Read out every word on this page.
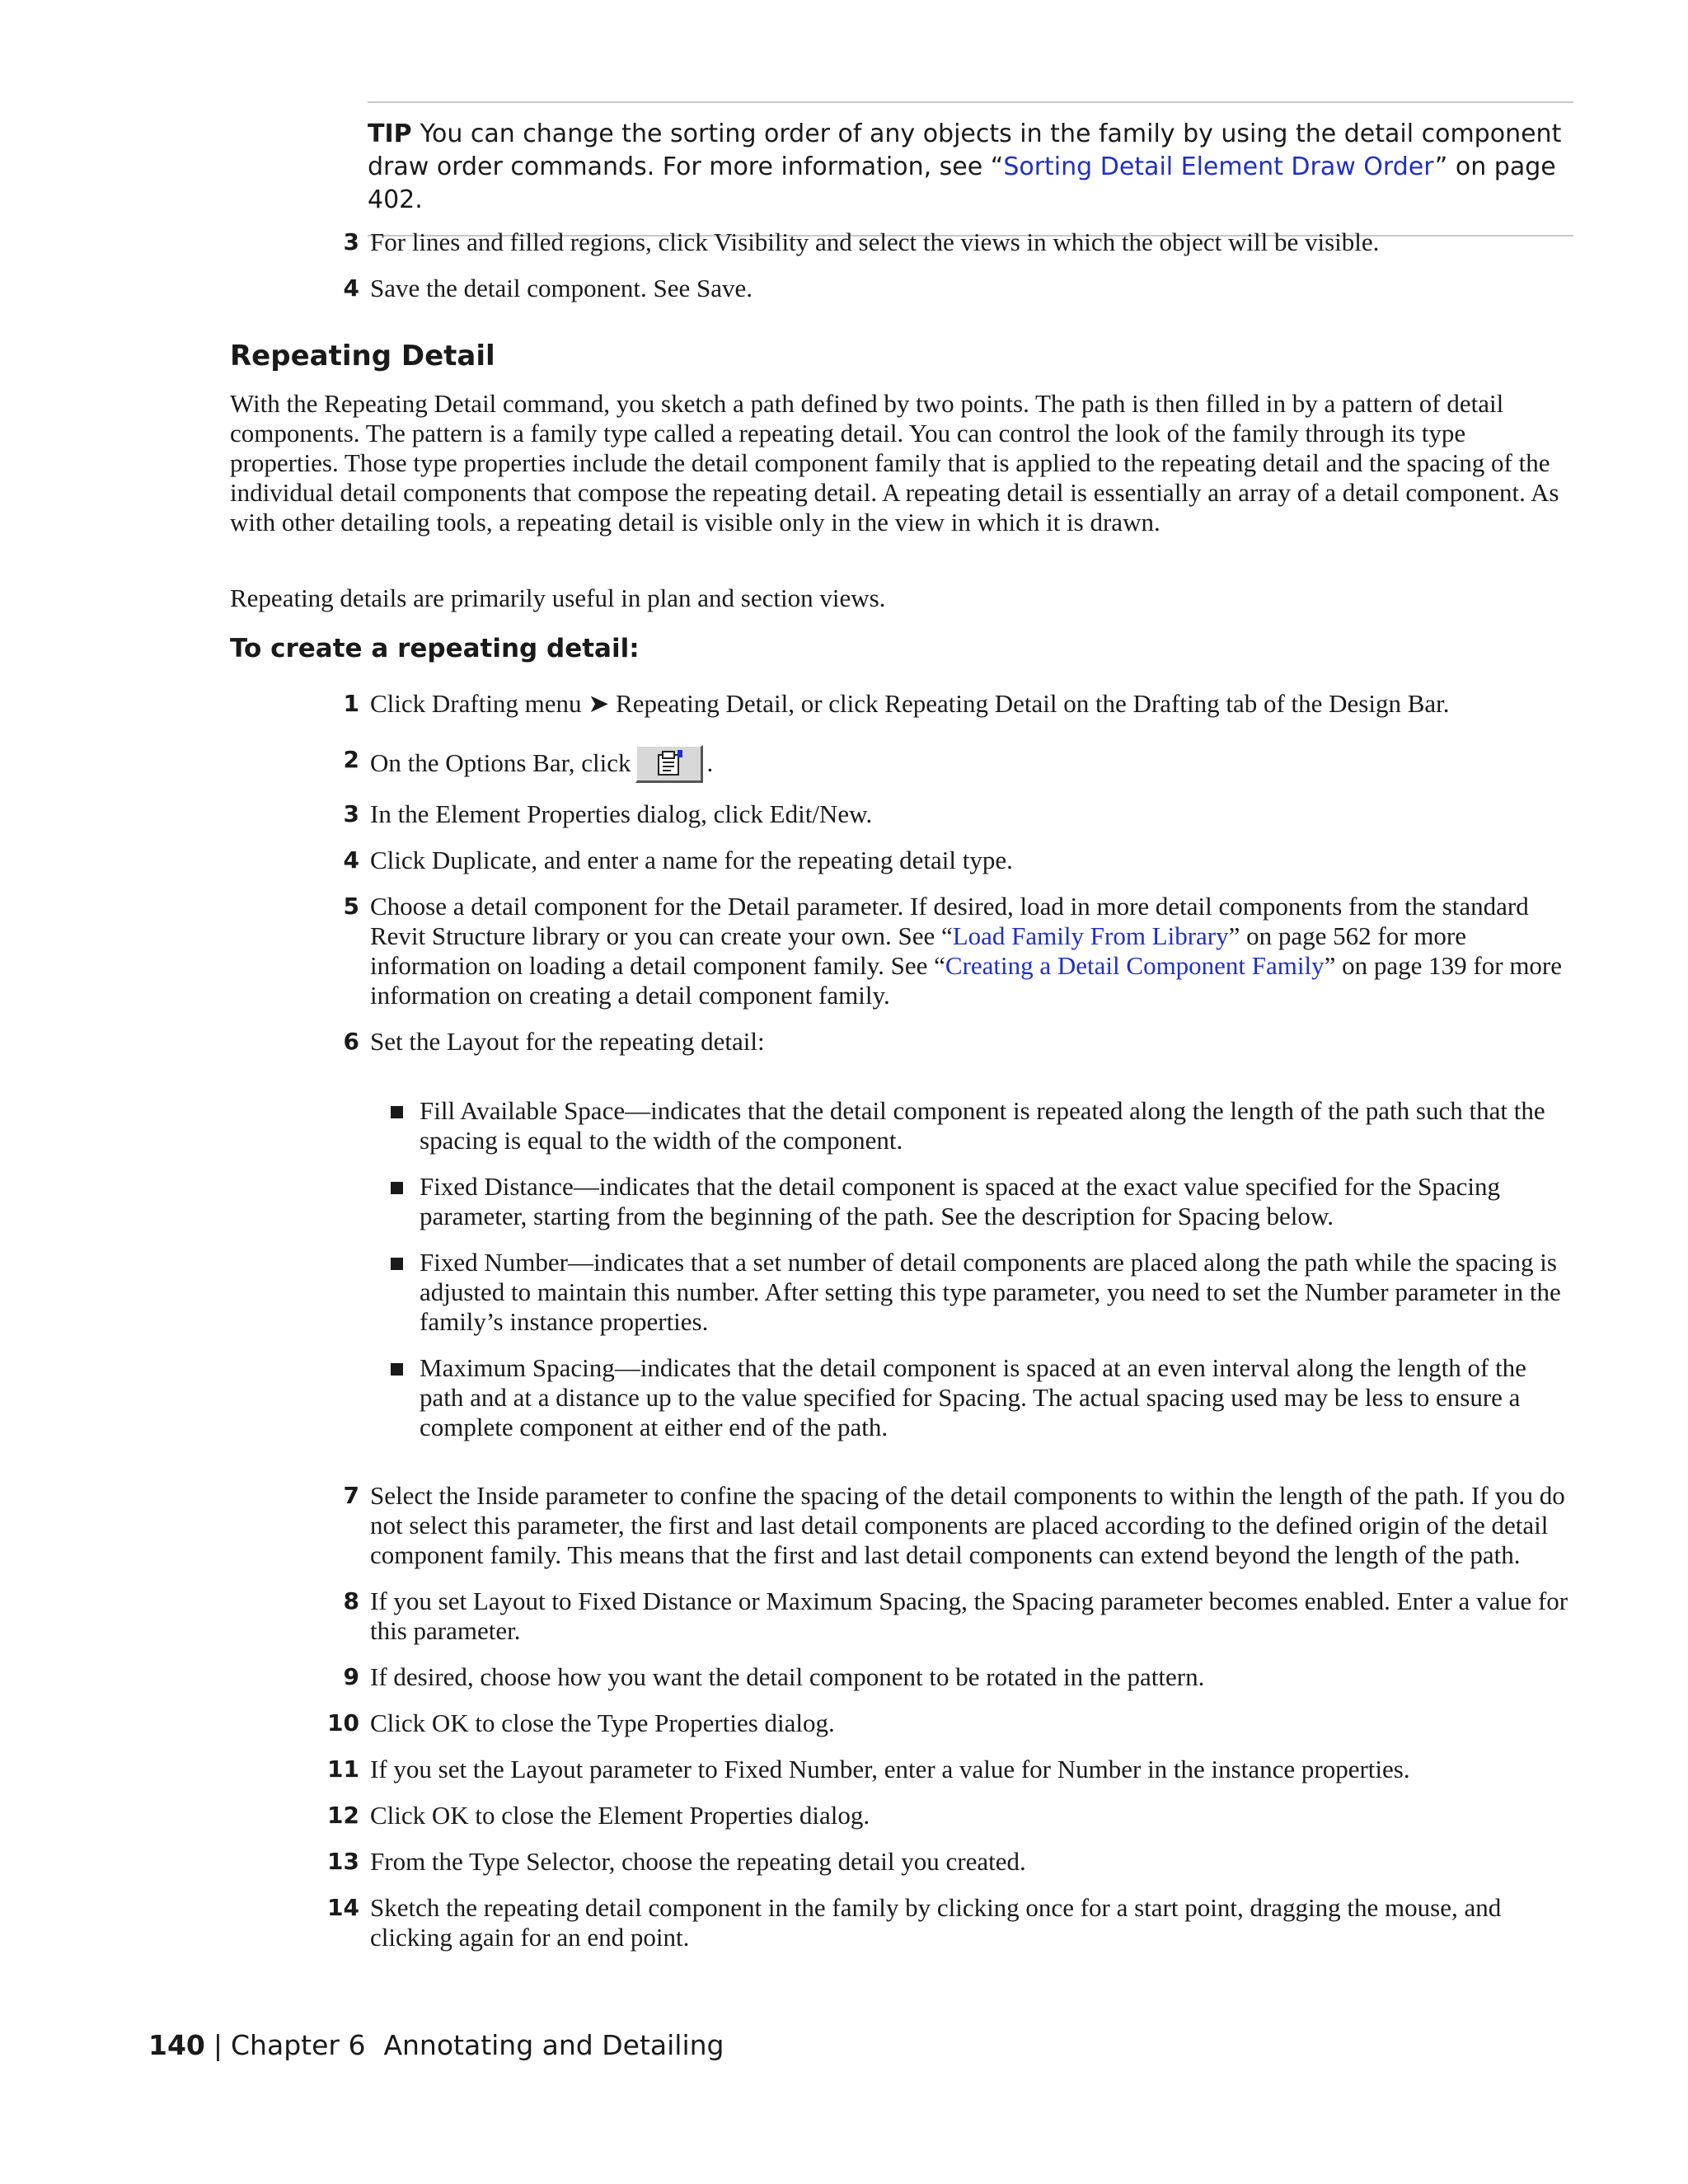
TIP You can change the sorting order of any objects in the family by using the detail component draw order commands. For more information, see “Sorting Detail Element Draw Order” on page 402.
3 For lines and filled regions, click Visibility and select the views in which the object will be visible.
4 Save the detail component. See Save.
Repeating Detail

With the Repeating Detail command, you sketch a path defined by two points. The path is then filled in by a pattern of detail components. The pattern is a family type called a repeating detail. You can control the look of the family through its type properties. Those type properties include the detail component family that is applied to the repeating detail and the spacing of the individual detail components that compose the repeating detail. A repeating detail is essentially an array of a detail component. As with other detailing tools, a repeating detail is visible only in the view in which it is drawn.

Repeating details are primarily useful in plan and section views.

To create a repeating detail:
1 Click Drafting menu ➤ Repeating Detail, or click Repeating Detail on the Drafting tab of the Design Bar.
2 On the Options Bar, click	.
3 In the Element Properties dialog, click Edit/New.
4 Click Duplicate, and enter a name for the repeating detail type.
5 Choose a detail component for the Detail parameter. If desired, load in more detail components from the standard Revit Structure library or you can create your own. See “Load Family From Library” on page 562 for more information on loading a detail component family. See “Creating a Detail Component Family” on page 139 for more information on creating a detail component family.
6 Set the Layout for the repeating detail:
Fill Available Space—indicates that the detail component is repeated along the length of the path such that the spacing is equal to the width of the component.
Fixed Distance—indicates that the detail component is spaced at the exact value specified for the Spacing parameter, starting from the beginning of the path. See the description for Spacing below.
Fixed Number—indicates that a set number of detail components are placed along the path while the spacing is adjusted to maintain this number. After setting this type parameter, you need to set the Number parameter in the family’s instance properties.
Maximum Spacing—indicates that the detail component is spaced at an even interval along the length of the path and at a distance up to the value specified for Spacing. The actual spacing used may be less to ensure a complete component at either end of the path.
7 Select the Inside parameter to confine the spacing of the detail components to within the length of the path. If you do not select this parameter, the first and last detail components are placed according to the defined origin of the detail component family. This means that the first and last detail components can extend beyond the length of the path.
8 If you set Layout to Fixed Distance or Maximum Spacing, the Spacing parameter becomes enabled. Enter a value for this parameter.
9 If desired, choose how you want the detail component to be rotated in the pattern.
10 Click OK to close the Type Properties dialog.
11 If you set the Layout parameter to Fixed Number, enter a value for Number in the instance properties.
12 Click OK to close the Element Properties dialog.
13 From the Type Selector, choose the repeating detail you created.
14 Sketch the repeating detail component in the family by clicking once for a start point, dragging the mouse, and clicking again for an end point.
140 | Chapter 6 Annotating and Detailing
